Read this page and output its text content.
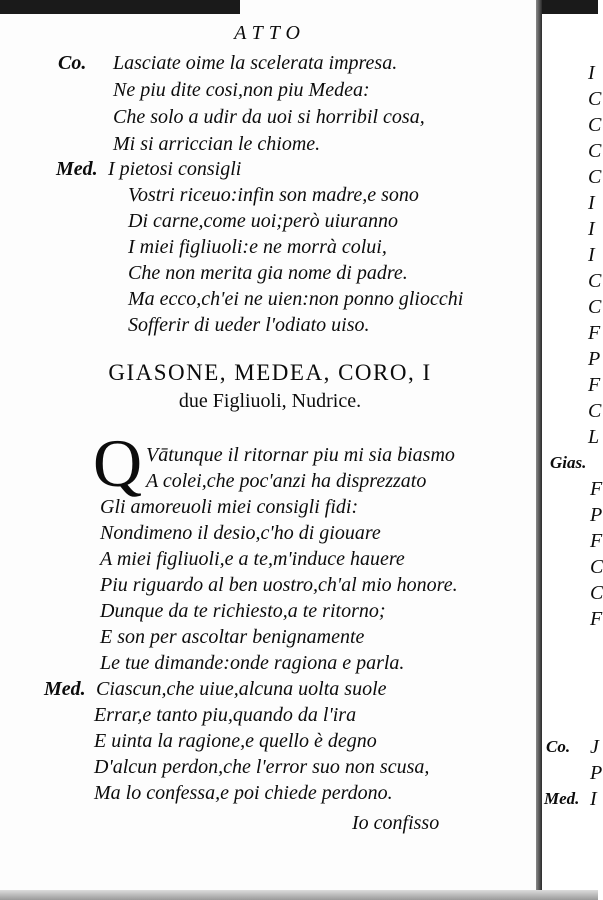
ATTO
Co. Lasciate oime la scelerata impresa.
Ne piu dite cosi,non piu Medea:
Che solo a udir da uoi si horribil cosa,
Mi si arriccian le chiome.
Med. I pietosi consigli
Vostri riceuo:infin son madre,e sono
Di carne,come uoi;però uiuranno
I miei figliuoli:e ne morrà colui,
Che non merita gia nome di padre.
Ma ecco,ch'ei ne uien:non ponno gliocchi
Sofferir di ueder l'odiato uiso.
GIASONE, MEDEA, CORO, I
due Figliuoli, Nudrice.
Q Vātunque il ritornar piu mi sia biasmo
A colei,che poc'anzi ha disprezzato
Gli amoreuoli miei consigli fidi:
Nondimeno il desio,c'ho di giouare
A miei figliuoli,e a te,m'induce hauere
Piu riguardo al ben uostro,ch'al mio honore.
Dunque da te richiesto,a te ritorno;
E son per ascoltar benignamente
Le tue dimande:onde ragiona e parla.
Med. Ciascun,che uiue,alcuna uolta suole
Errar,e tanto piu,quando da l'ira
E uinta la ragione,e quello è degno
D'alcun perdon,che l'error suo non scusa,
Ma lo confessa,e poi chiede perdono.
Io confisso
I
C
C
C
C
I
I
I
C
C
F
P
F
C
L
Gias.
F
P
F
C
C
F
Co. J
P
Med. I
